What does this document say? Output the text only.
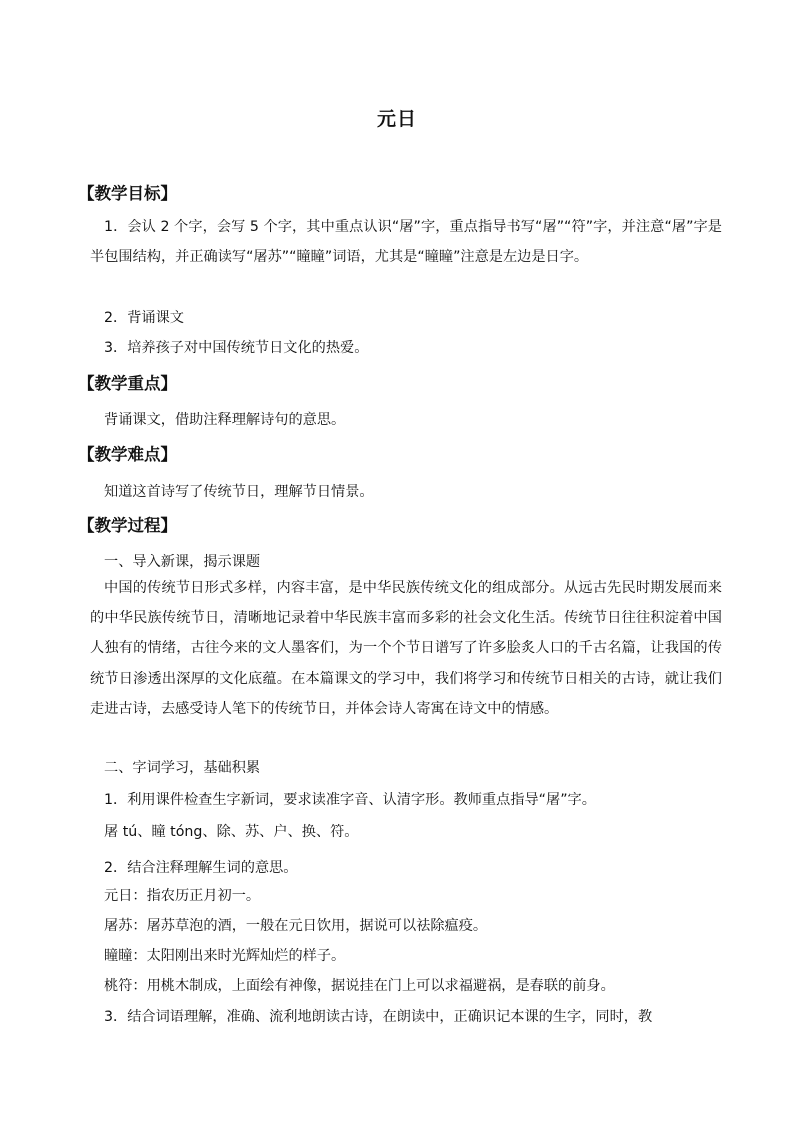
元日
【教学目标】
1．会认 2 个字，会写 5 个字，其中重点认识“屠”字，重点指导书写“屠”“符”字，并注意“屠”字是半包围结构，并正确读写“屠苏”“瞳瞳”词语，尤其是“瞳瞳”注意是左边是日字。
2．背诵课文
3．培养孩子对中国传统节日文化的热爱。
【教学重点】
背诵课文，借助注释理解诗句的意思。
【教学难点】
知道这首诗写了传统节日，理解节日情景。
【教学过程】
一、导入新课，揭示课题
中国的传统节日形式多样，内容丰富，是中华民族传统文化的组成部分。从远古先民时期发展而来的中华民族传统节日，清晰地记录着中华民族丰富而多彩的社会文化生活。传统节日往往积淀着中国人独有的情绪，古往今来的文人墨客们，为一个个节日谱写了许多脍炙人口的千古名篇，让我国的传统节日渗透出深厚的文化底蕴。在本篇课文的学习中，我们将学习和传统节日相关的古诗，就让我们走进古诗，去感受诗人笔下的传统节日，并体会诗人寄寓在诗文中的情感。
二、字词学习，基础积累
1．利用课件检查生字新词，要求读准字音、认清字形。教师重点指导“屠”字。
屠 tú、瞳 tóng、除、苏、户、换、符。
2．结合注释理解生词的意思。
元日：指农历正月初一。
屠苏：屠苏草泡的酒，一般在元日饮用，据说可以祛除瘟疫。
瞳瞳：太阳刚出来时光辉灿烂的样子。
桃符：用桃木制成，上面绘有神像，据说挂在门上可以求福避祸，是春联的前身。
3．结合词语理解，准确、流利地朗读古诗，在朗读中，正确识记本课的生字，同时，教
